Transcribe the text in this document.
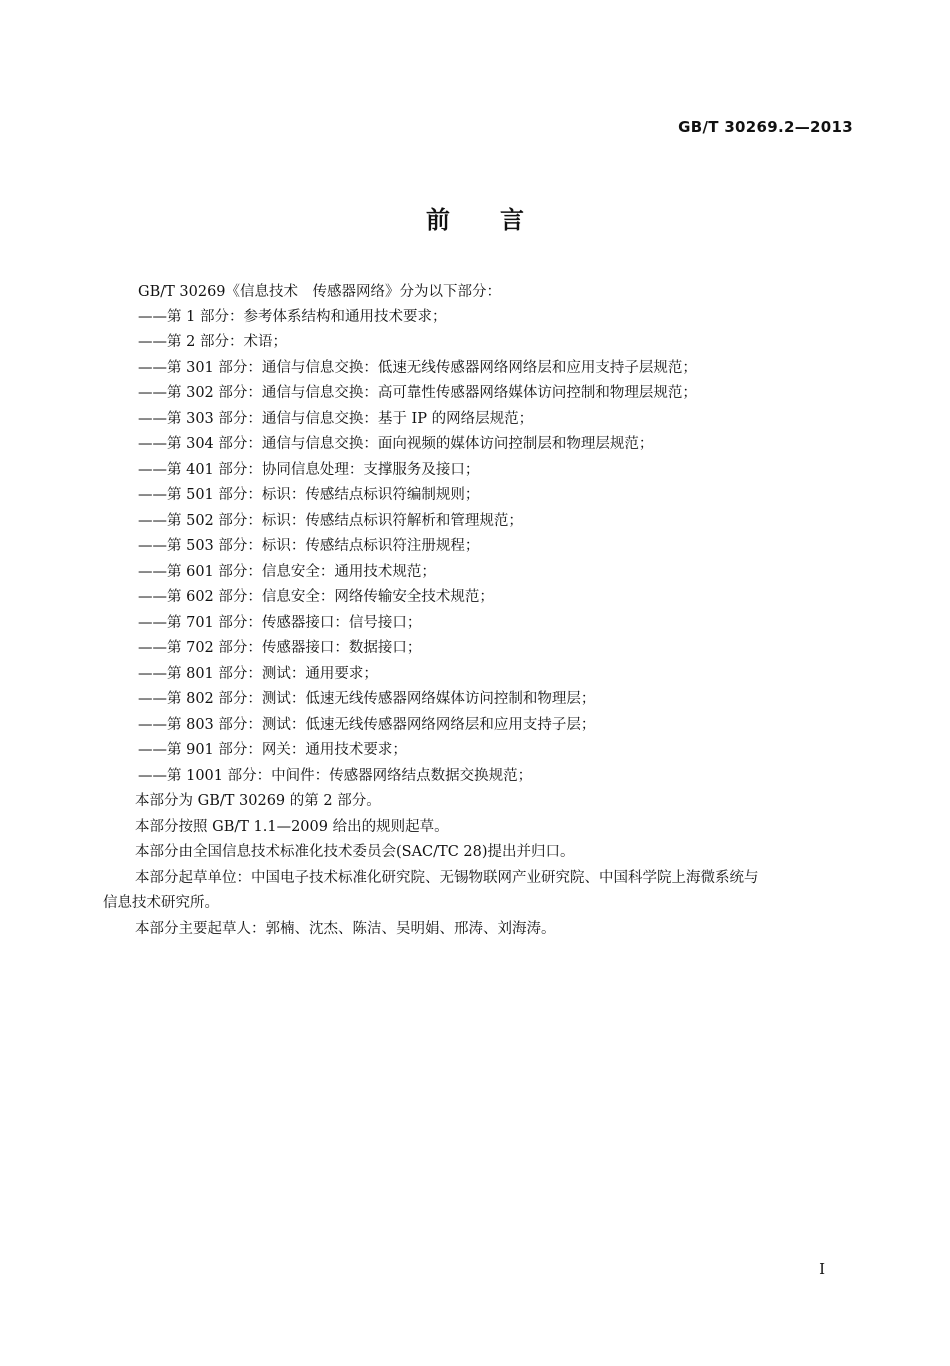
GB/T 30269.2—2013
前言
GB/T 30269《信息技术　传感器网络》分为以下部分：
——第 1 部分：参考体系结构和通用技术要求；
——第 2 部分：术语；
——第 301 部分：通信与信息交换：低速无线传感器网络网络层和应用支持子层规范；
——第 302 部分：通信与信息交换：高可靠性传感器网络媒体访问控制和物理层规范；
——第 303 部分：通信与信息交换：基于 IP 的网络层规范；
——第 304 部分：通信与信息交换：面向视频的媒体访问控制层和物理层规范；
——第 401 部分：协同信息处理：支撑服务及接口；
——第 501 部分：标识：传感结点标识符编制规则；
——第 502 部分：标识：传感结点标识符解析和管理规范；
——第 503 部分：标识：传感结点标识符注册规程；
——第 601 部分：信息安全：通用技术规范；
——第 602 部分：信息安全：网络传输安全技术规范；
——第 701 部分：传感器接口：信号接口；
——第 702 部分：传感器接口：数据接口；
——第 801 部分：测试：通用要求；
——第 802 部分：测试：低速无线传感器网络媒体访问控制和物理层；
——第 803 部分：测试：低速无线传感器网络网络层和应用支持子层；
——第 901 部分：网关：通用技术要求；
——第 1001 部分：中间件：传感器网络结点数据交换规范；
本部分为 GB/T 30269 的第 2 部分。
本部分按照 GB/T 1.1—2009 给出的规则起草。
本部分由全国信息技术标准化技术委员会(SAC/TC 28)提出并归口。
本部分起草单位：中国电子技术标准化研究院、无锡物联网产业研究院、中国科学院上海微系统与
信息技术研究所。
本部分主要起草人：郭楠、沈杰、陈洁、吴明娟、邢涛、刘海涛。
I
